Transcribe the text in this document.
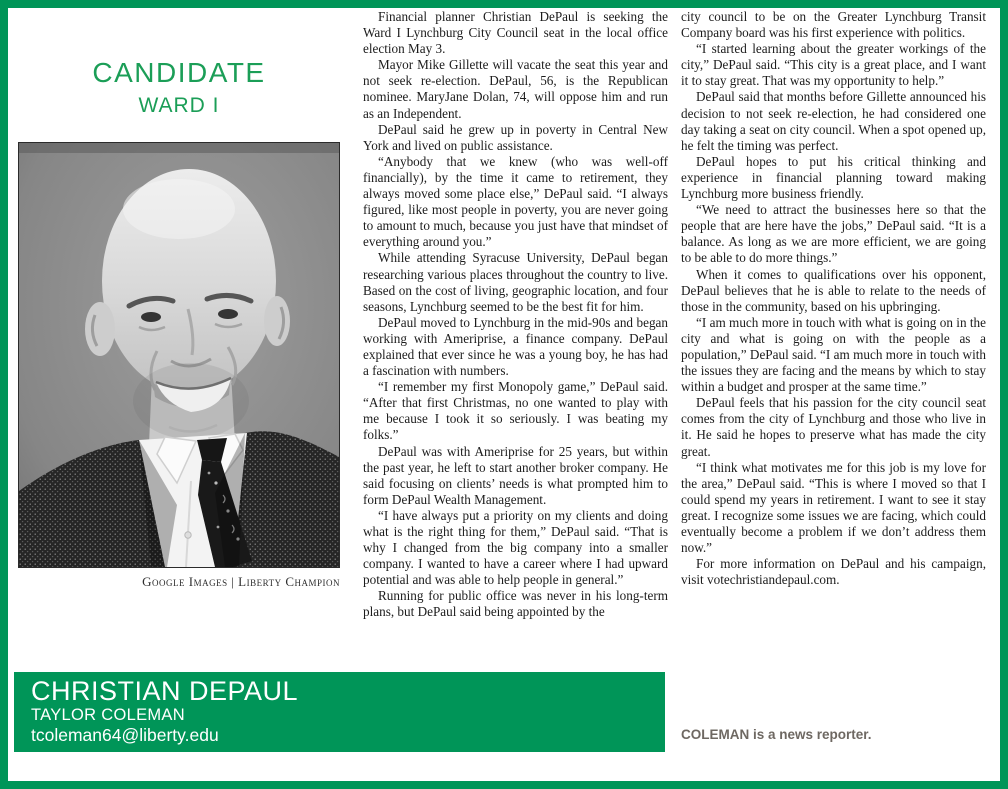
CANDIDATE
WARD I
Google Images | Liberty Champion

Financial planner Christian DePaul is seeking the Ward I Lynchburg City Council seat in the local office election May 3.

Mayor Mike Gillette will vacate the seat this year and not seek re-election. DePaul, 56, is the Republican nominee. MaryJane Dolan, 74, will oppose him and run as an Independent.

DePaul said he grew up in poverty in Central New York and lived on public assistance.

“Anybody that we knew (who was well-off financially), by the time it came to retirement, they always moved some place else,” DePaul said. “I always figured, like most people in poverty, you are never going to amount to much, because you just have that mindset of everything around you.”

While attending Syracuse University, DePaul began researching various places throughout the country to live. Based on the cost of living, geographic location, and four seasons, Lynchburg seemed to be the best fit for him.

DePaul moved to Lynchburg in the mid-90s and began working with Ameriprise, a finance company. DePaul explained that ever since he was a young boy, he has had a fascination with numbers.

“I remember my first Monopoly game,” DePaul said. “After that first Christmas, no one wanted to play with me because I took it so seriously. I was beating my folks.”

DePaul was with Ameriprise for 25 years, but within the past year, he left to start another broker company. He said focusing on clients’ needs is what prompted him to form DePaul Wealth Management.

“I have always put a priority on my clients and doing what is the right thing for them,” DePaul said. “That is why I changed from the big company into a smaller company. I wanted to have a career where I had upward potential and was able to help people in general.”

Running for public office was never in his long-term plans, but DePaul said being appointed by the

city council to be on the Greater Lynchburg Transit Company board was his first experience with politics.

“I started learning about the greater workings of the city,” DePaul said. “This city is a great place, and I want it to stay great. That was my opportunity to help.”

DePaul said that months before Gillette announced his decision to not seek re-election, he had considered one day taking a seat on city council. When a spot opened up, he felt the timing was perfect.

DePaul hopes to put his critical thinking and experience in financial planning toward making Lynchburg more business friendly.

“We need to attract the businesses here so that the people that are here have the jobs,” DePaul said. “It is a balance. As long as we are more efficient, we are going to be able to do more things.”

When it comes to qualifications over his opponent, DePaul believes that he is able to relate to the needs of those in the community, based on his upbringing.

“I am much more in touch with what is going on in the city and what is going on with the people as a population,” DePaul said. “I am much more in touch with the issues they are facing and the means by which to stay within a budget and prosper at the same time.”

DePaul feels that his passion for the city council seat comes from the city of Lynchburg and those who live in it. He said he hopes to preserve what has made the city great.

“I think what motivates me for this job is my love for the area,” DePaul said. “This is where I moved so that I could spend my years in retirement. I want to see it stay great. I recognize some issues we are facing, which could eventually become a problem if we don’t address them now.”

For more information on DePaul and his campaign, visit votechristiandepaul.com.

CHRISTIAN DEPAUL
TAYLOR COLEMAN
tcoleman64@liberty.edu	COLEMAN is a news reporter.
